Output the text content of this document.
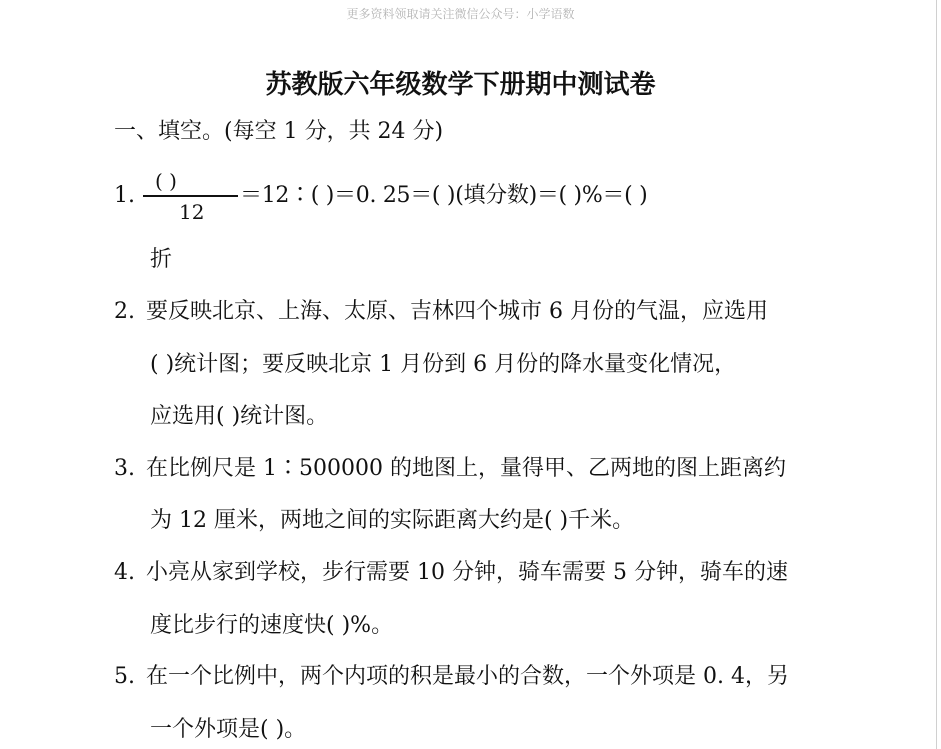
更多资料领取请关注微信公众号：小学语数
苏教版六年级数学下册期中测试卷
一、填空。(每空 1 分，共 24 分)
1.
( )
12
＝12∶( )＝0. 25＝( )(填分数)＝( )%＝( )
折
2. 要反映北京、上海、太原、吉林四个城市 6 月份的气温，应选用
( )统计图；要反映北京 1 月份到 6 月份的降水量变化情况，
应选用( )统计图。
3. 在比例尺是 1∶500000 的地图上，量得甲、乙两地的图上距离约
为 12 厘米，两地之间的实际距离大约是( )千米。
4. 小亮从家到学校，步行需要 10 分钟，骑车需要 5 分钟，骑车的速
度比步行的速度快( )%。
5. 在一个比例中，两个内项的积是最小的合数，一个外项是 0. 4，另
一个外项是( )。
